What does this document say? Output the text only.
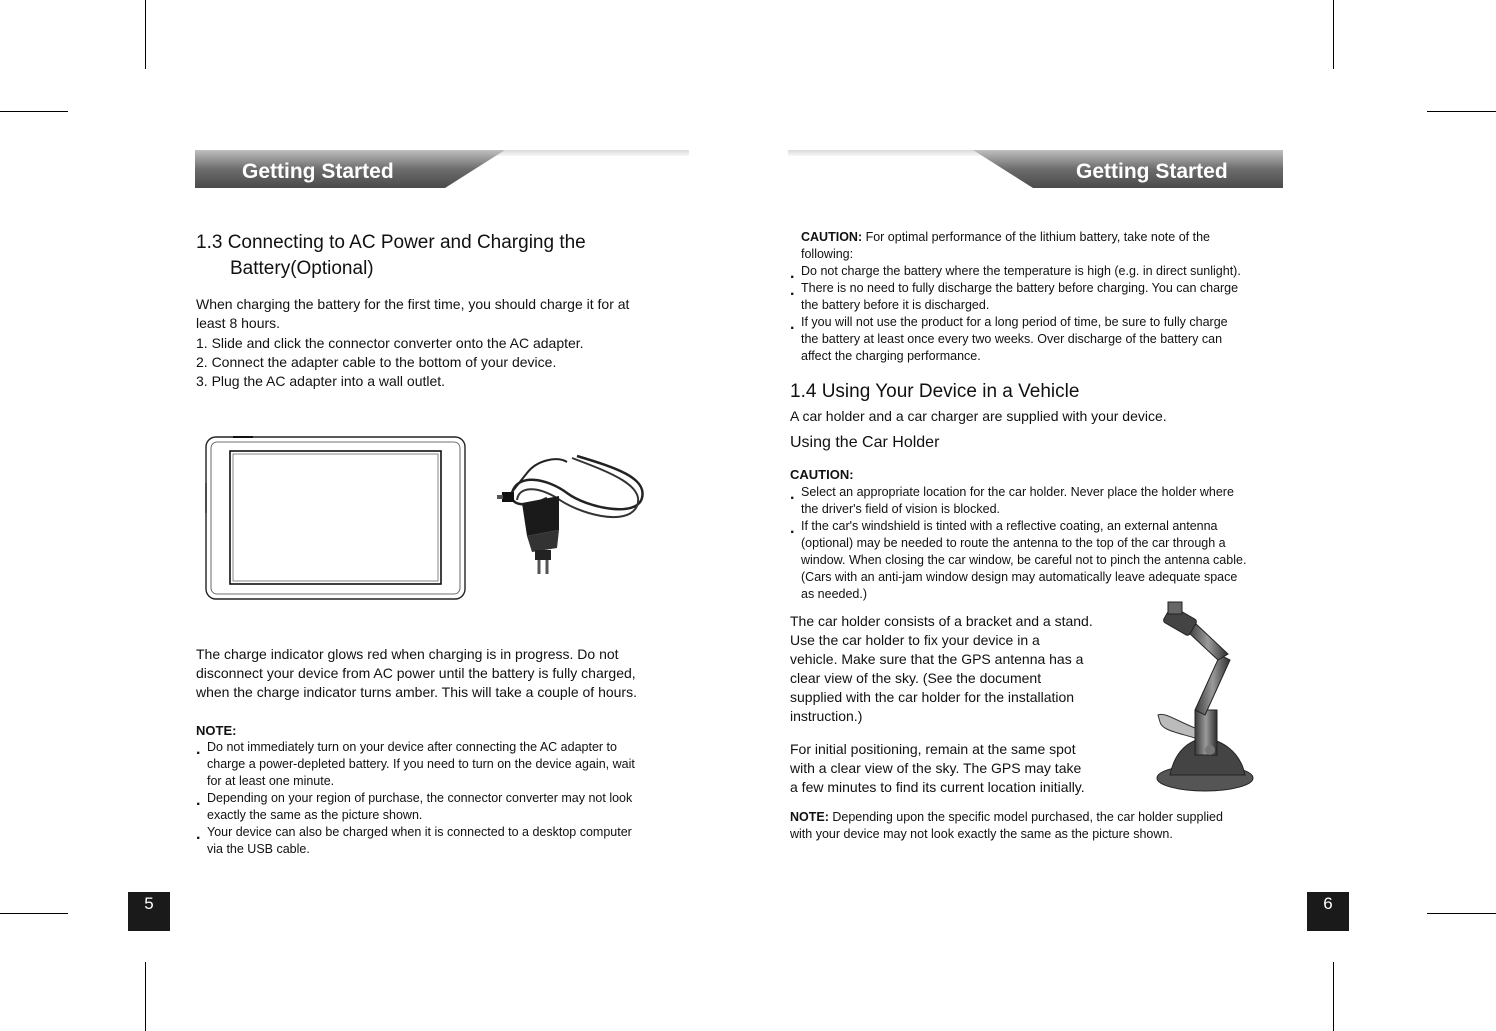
Getting Started
1.3 Connecting to AC Power and Charging the
Battery(Optional)
When charging the battery for the first time, you should charge it for at
least 8 hours.
1. Slide and click the connector converter onto the AC adapter.
2. Connect the adapter cable to the bottom of your device.
3. Plug the AC adapter into a wall outlet.
The charge indicator glows red when charging is in progress. Do not
disconnect your device from AC power until the battery is fully charged,
when the charge indicator turns amber. This will take a couple of hours.
NOTE:
. Do not immediately turn on your device after connecting the AC adapter to
charge a power-depleted battery. If you need to turn on the device again, wait
for at least one minute.
. Depending on your region of purchase, the connector converter may not look
exactly the same as the picture shown.
. Your device can also be charged when it is connected to a desktop computer
via the USB cable.
5
Getting Started
CAUTION: For optimal performance of the lithium battery, take note of the
following:
. Do not charge the battery where the temperature is high (e.g. in direct sunlight).
. There is no need to fully discharge the battery before charging. You can charge
the battery before it is discharged.
. If you will not use the product for a long period of time, be sure to fully charge
the battery at least once every two weeks. Over discharge of the battery can
affect the charging performance.
1.4 Using Your Device in a Vehicle
A car holder and a car charger are supplied with your device.
Using the Car Holder
CAUTION:
. Select an appropriate location for the car holder. Never place the holder where
the driver's field of vision is blocked.
. If the car's windshield is tinted with a reflective coating, an external antenna
(optional) may be needed to route the antenna to the top of the car through a
window. When closing the car window, be careful not to pinch the antenna cable.
(Cars with an anti-jam window design may automatically leave adequate space
as needed.)
The car holder consists of a bracket and a stand.
Use the car holder to fix your device in a
vehicle. Make sure that the GPS antenna has a
clear view of the sky. (See the document
supplied with the car holder for the installation
instruction.)
For initial positioning, remain at the same spot
with a clear view of the sky. The GPS may take
a few minutes to find its current location initially.
NOTE: Depending upon the specific model purchased, the car holder supplied
with your device may not look exactly the same as the picture shown.
6
